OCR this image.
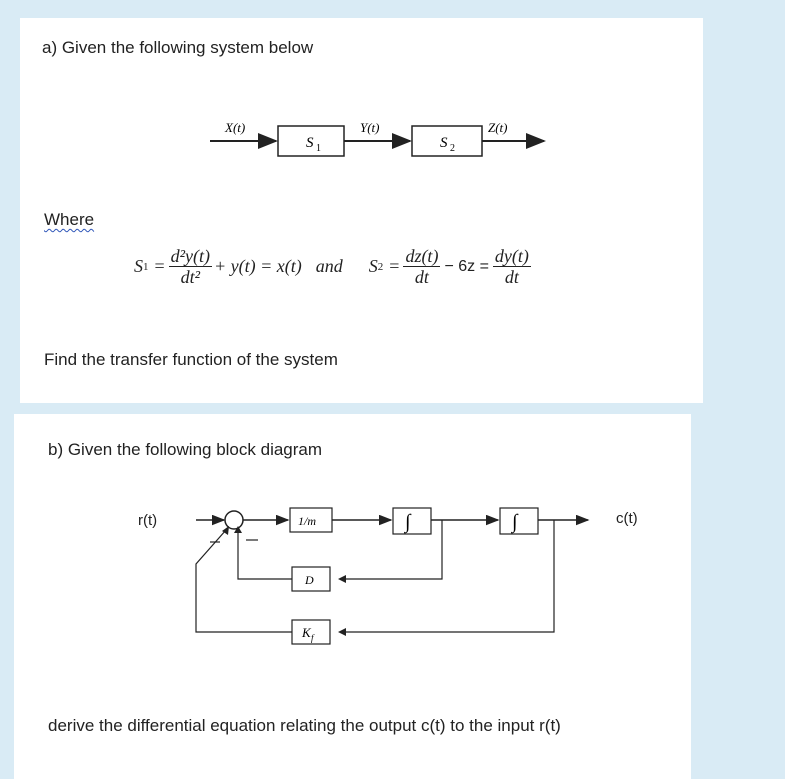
a) Given the following system below
S 1	S 2
X(t)	Y(t)	Z(t)
Where
S $1 = \frac{\text{d²y(t)}}{\text{dt²}} + y(t) = x(t)$ and S $2 = \frac{dz(t)}{dt} - 6z = \frac{dy(t)}{dt}$
Find the transfer function of the system
b) Given the following block diagram
r(t)	c(t)
1/m	∫	∫
D
K f
derive the differential equation relating the output c(t) to the input r(t)
